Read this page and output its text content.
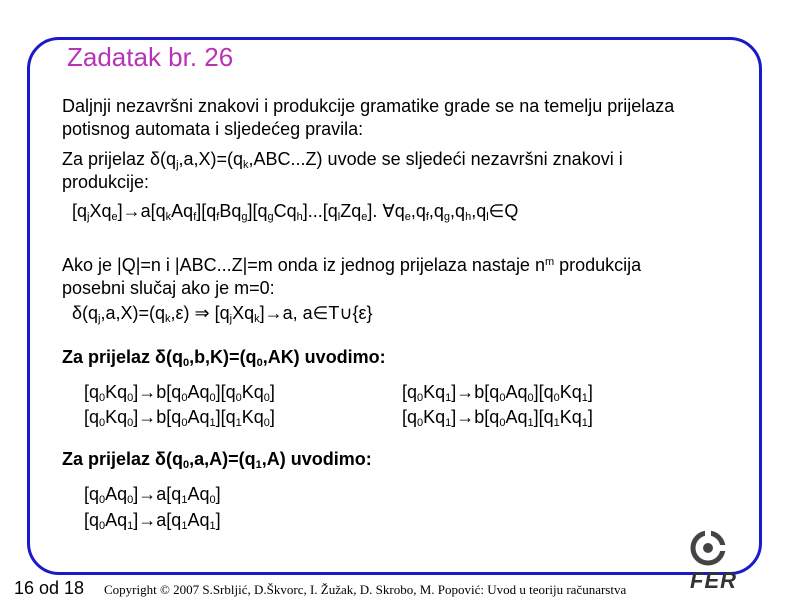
Zadatak br. 26
Daljnji nezavršni znakovi i produkcije gramatike grade se na temelju prijelaza
potisnog automata i sljedećeg pravila:
Za prijelaz $\delta(q_j,a,X)=(q_k,ABC...Z)$ uvode se sljedeći nezavršni znakovi i
produkcije:
$[q_jXq_e]\to a[q_kAq_f][q_fBq_g][q_gCq_h]...[q_lZq_e]$. $\forall q_e,q_f,q_g,q_h,q_l\in Q$
Ako je |Q|=n i |ABC...Z|=m onda iz jednog prijelaza nastaje $n^m$ produkcija
posebni slučaj ako je m=0:
$\delta(q_j,a,X)=(q_k,\varepsilon)$ ⇒ $[q_jXq_k]\to a$, a∈T∪{ε}
Za prijelaz $\delta(q_0,b,K)=(q_0,AK)$ uvodimo:
$[q_0Kq_0]\to b[q_0Aq_0][q_0Kq_0]$
$[q_0Kq_0]\to b[q_0Aq_1][q_1Kq_0]$
$[q_0Kq_1]\to b[q_0Aq_0][q_0Kq_1]$
$[q_0Kq_1]\to b[q_0Aq_1][q_1Kq_1]$
Za prijelaz $\delta(q_0,a,A)=(q_1,A)$ uvodimo:
$[q_0Aq_0]\to a[q_1Aq_0]$
$[q_0Aq_1]\to a[q_1Aq_1]$
16 od 18 Copyright © 2007 S.Srbljić, D.Škvorc, I. Žužak, D. Skrobo, M. Popović: Uvod u teoriju računarstva	FER
